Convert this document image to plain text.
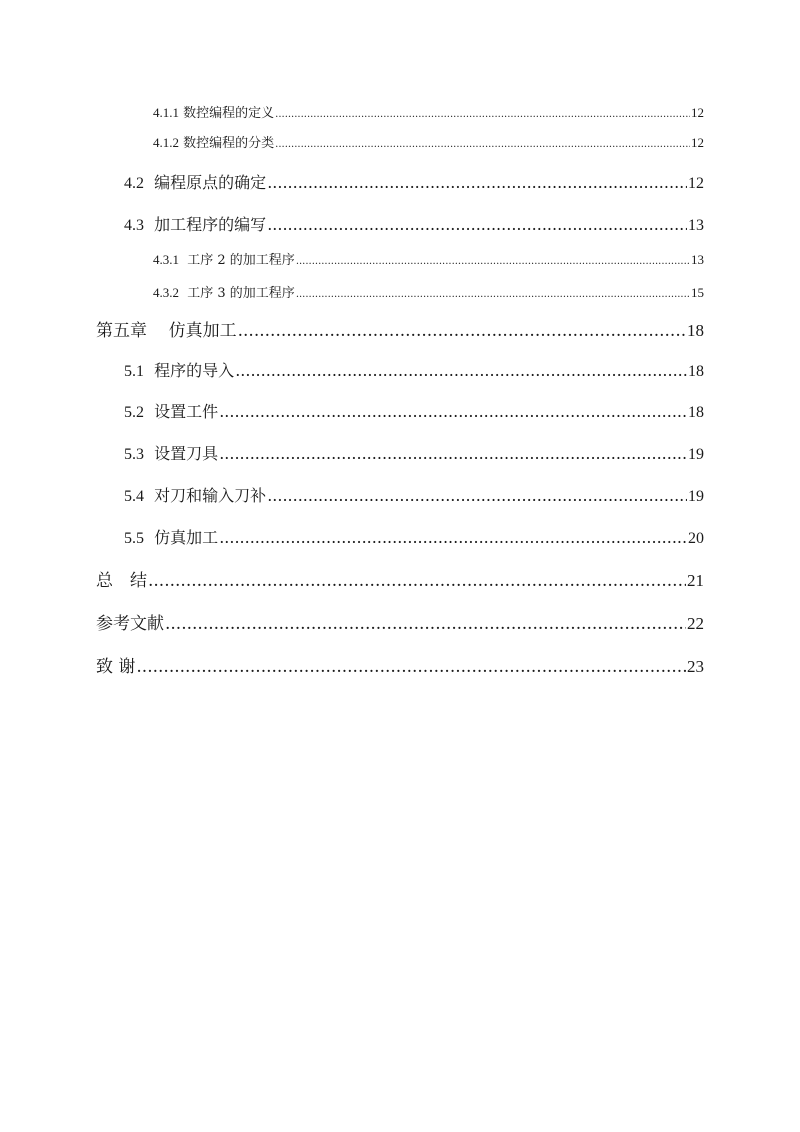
4.1.1 数控编程的定义 .....	12
4.1.2 数控编程的分类 .....	12
4.2 编程原点的确定 .....	12
4.3 加工程序的编写 .....	13
4.3.1 工序 2 的加工程序 .....	13
4.3.2 工序 3 的加工程序 .....	15
第五章 仿真加工 .....	18
5.1 程序的导入 .....	18
5.2 设置工件 .....	18
5.3 设置刀具 .....	19
5.4 对刀和输入刀补 .....	19
5.5 仿真加工 .....	20
总　结 .....	21
参考文献 .....	22
致 谢 .....	23
